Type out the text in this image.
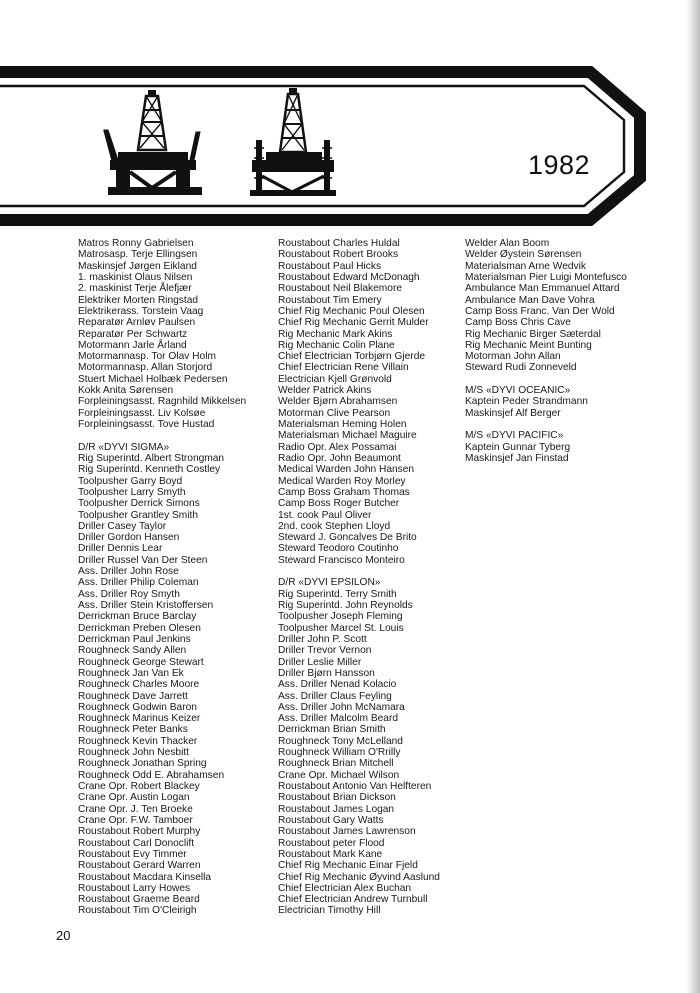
1982
Matros Ronny Gabrielsen
Matrosasp. Terje Ellingsen
Maskinsjef Jørgen Eikland
1. maskinist Olaus Nilsen
2. maskinist Terje Ålefjær
Elektriker Morten Ringstad
Elektrikerass. Torstein Vaag
Reparatør Arnløv Paulsen
Reparatør Per Schwartz
Motormann Jarle Årland
Motormannasp. Tor Olav Holm
Motormannasp. Allan Storjord
Stuert Michael Holbæk Pedersen
Kokk Anita Sørensen
Forpleiningsasst. Ragnhild Mikkelsen
Forpleiningsasst. Liv Kolsøe
Forpleiningsasst. Tove Hustad
D/R «DYVI SIGMA»
Rig Superintd. Albert Strongman
Rig Superintd. Kenneth Costley
Toolpusher Garry Boyd
Toolpusher Larry Smyth
Toolpusher Derrick Simons
Toolpusher Grantley Smith
Driller Casey Taylor
Driller Gordon Hansen
Driller Dennis Lear
Driller Russel Van Der Steen
Ass. Driller John Rose
Ass. Driller Philip Coleman
Ass. Driller Roy Smyth
Ass. Driller Stein Kristoffersen
Derrickman Bruce Barclay
Derrickman Preben Olesen
Derrickman Paul Jenkins
Roughneck Sandy Allen
Roughneck George Stewart
Roughneck Jan Van Ek
Roughneck Charles Moore
Roughneck Dave Jarrett
Roughneck Godwin Baron
Roughneck Marinus Keizer
Roughneck Peter Banks
Roughneck Kevin Thacker
Roughneck John Nesbitt
Roughneck Jonathan Spring
Roughneck Odd E. Abrahamsen
Crane Opr. Robert Blackey
Crane Opr. Austin Logan
Crane Opr. J. Ten Broeke
Crane Opr. F.W. Tamboer
Roustabout Robert Murphy
Roustabout Carl Donoclift
Roustabout Evy Timmer
Roustabout Gerard Warren
Roustabout Macdara Kinsella
Roustabout Larry Howes
Roustabout Graeme Beard
Roustabout Tim O'Cleirigh
Roustabout Charles Huldal
Roustabout Robert Brooks
Roustabout Paul Hicks
Roustabout Edward McDonagh
Roustabout Neil Blakemore
Roustabout Tim Emery
Chief Rig Mechanic Poul Olesen
Chief Rig Mechanic Gerrit Mulder
Rig Mechanic Mark Akins
Rig Mechanic Colin Plane
Chief Electrician Torbjørn Gjerde
Chief Electrician Rene Villain
Electrician Kjell Grønvold
Welder Patrick Akins
Welder Bjørn Abrahamsen
Motorman Clive Pearson
Materialsman Heming Holen
Materialsman Michael Maguire
Radio Opr. Alex Possamai
Radio Opr. John Beaumont
Medical Warden John Hansen
Medical Warden Roy Morley
Camp Boss Graham Thomas
Camp Boss Roger Butcher
1st. cook Paul Oliver
2nd. cook Stephen Lloyd
Steward J. Goncalves De Brito
Steward Teodoro Coutinho
Steward Francisco Monteiro
D/R «DYVI EPSILON»
Rig Superintd. Terry Smith
Rig Superintd. John Reynolds
Toolpusher Joseph Fleming
Toolpusher Marcel St. Louis
Driller John P. Scott
Driller Trevor Vernon
Driller Leslie Miller
Driller Bjørn Hansson
Ass. Driller Nenad Kolacio
Ass. Driller Claus Feyling
Ass. Driller John McNamara
Ass. Driller Malcolm Beard
Derrickman Brian Smith
Roughneck Tony McLelland
Roughneck William O'Rrilly
Roughneck Brian Mitchell
Crane Opr. Michael Wilson
Roustabout Antonio Van Helfteren
Roustabout Brian Dickson
Roustabout James Logan
Roustabout Gary Watts
Roustabout James Lawrenson
Roustabout peter Flood
Roustabout Mark Kane
Chief Rig Mechanic Einar Fjeld
Chief Rig Mechanic Øyvind Aaslund
Chief Electrician Alex Buchan
Chief Electrician Andrew Turnbull
Electrician Timothy Hill
Welder Alan Boom
Welder Øystein Sørensen
Materialsman Arne Wedvik
Materialsman Pier Luigi Montefusco
Ambulance Man Emmanuel Attard
Ambulance Man Dave Vohra
Camp Boss Franc. Van Der Wold
Camp Boss Chris Cave
Rig Mechanic Birger Sæterdal
Rig Mechanic Meint Bunting
Motorman John Allan
Steward Rudi Zonneveld
M/S «DYVI OCEANIC»
Kaptein Peder Strandmann
Maskinsjef Alf Berger
M/S «DYVI PACIFIC»
Kaptein Gunnar Tyberg
Maskinsjef Jan Finstad
20
